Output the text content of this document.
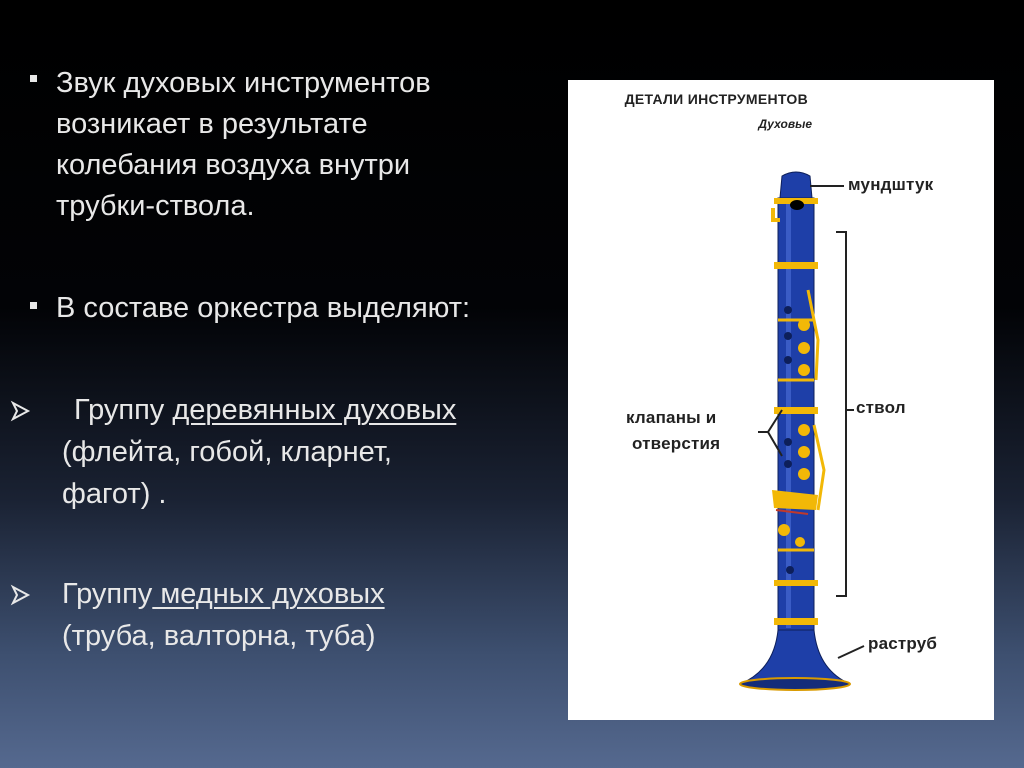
Звук духовых инструментов
возникает в результате
колебания воздуха внутри
трубки-ствола.
В составе оркестра выделяют:
Группу деревянных духовых
(флейта, гобой, кларнет,
фагот) .
Группу медных духовых
(труба, валторна, туба)
ДЕТАЛИ ИНСТРУМЕНТОВ
Духовые
мундштук
ствол
клапаны и
отверстия
раструб
